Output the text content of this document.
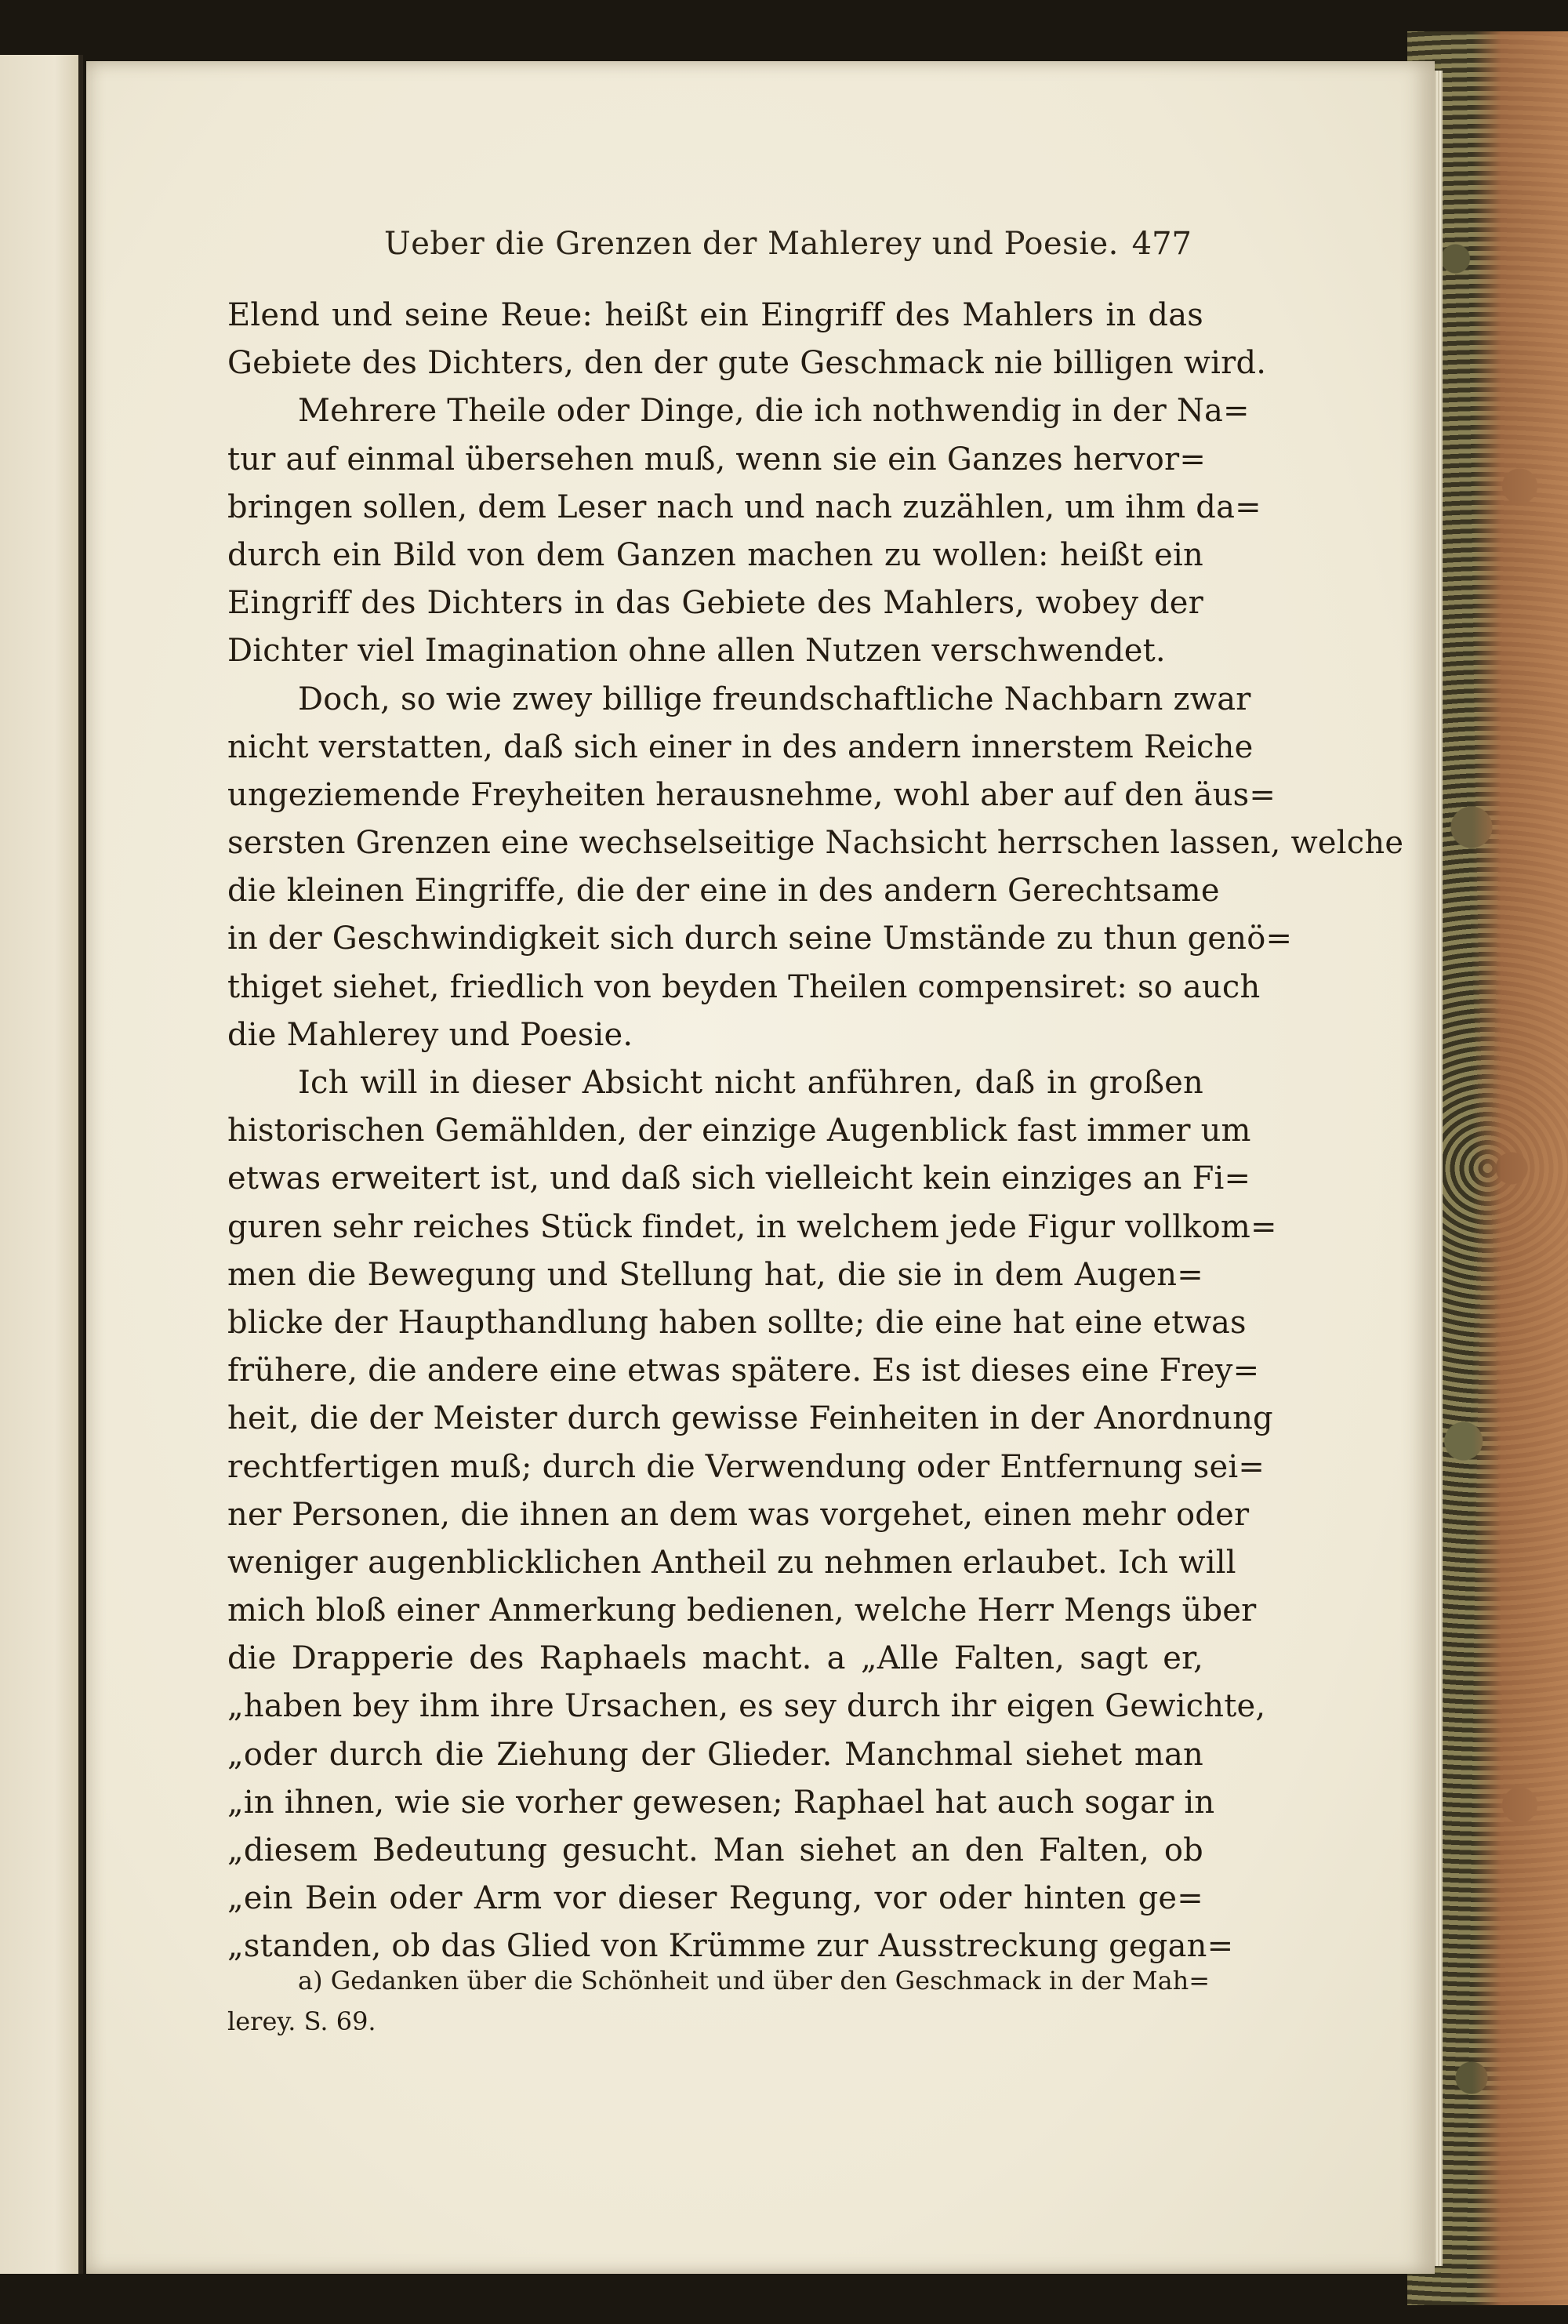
Ueber die Grenzen der Mahlerey und Poesie. 477
Elend und seine Reue: heißt ein Eingriff des Mahlers in das
Gebiete des Dichters, den der gute Geschmack nie billigen wird.
Mehrere Theile oder Dinge, die ich nothwendig in der Na=
tur auf einmal übersehen muß, wenn sie ein Ganzes hervor=
bringen sollen, dem Leser nach und nach zuzählen, um ihm da=
durch ein Bild von dem Ganzen machen zu wollen: heißt ein
Eingriff des Dichters in das Gebiete des Mahlers, wobey der
Dichter viel Imagination ohne allen Nutzen verschwendet.
Doch, so wie zwey billige freundschaftliche Nachbarn zwar
nicht verstatten, daß sich einer in des andern innerstem Reiche
ungeziemende Freyheiten herausnehme, wohl aber auf den äus=
sersten Grenzen eine wechselseitige Nachsicht herrschen lassen, welche
die kleinen Eingriffe, die der eine in des andern Gerechtsame
in der Geschwindigkeit sich durch seine Umstände zu thun genö=
thiget siehet, friedlich von beyden Theilen compensiret: so auch
die Mahlerey und Poesie.
Ich will in dieser Absicht nicht anführen, daß in großen
historischen Gemählden, der einzige Augenblick fast immer um
etwas erweitert ist, und daß sich vielleicht kein einziges an Fi=
guren sehr reiches Stück findet, in welchem jede Figur vollkom=
men die Bewegung und Stellung hat, die sie in dem Augen=
blicke der Haupthandlung haben sollte; die eine hat eine etwas
frühere, die andere eine etwas spätere. Es ist dieses eine Frey=
heit, die der Meister durch gewisse Feinheiten in der Anordnung
rechtfertigen muß; durch die Verwendung oder Entfernung sei=
ner Personen, die ihnen an dem was vorgehet, einen mehr oder
weniger augenblicklichen Antheil zu nehmen erlaubet. Ich will
mich bloß einer Anmerkung bedienen, welche Herr Mengs über
die Drapperie des Raphaels macht. a „Alle Falten, sagt er,
„haben bey ihm ihre Ursachen, es sey durch ihr eigen Gewichte,
„oder durch die Ziehung der Glieder. Manchmal siehet man
„in ihnen, wie sie vorher gewesen; Raphael hat auch sogar in
„diesem Bedeutung gesucht. Man siehet an den Falten, ob
„ein Bein oder Arm vor dieser Regung, vor oder hinten ge=
„standen, ob das Glied von Krümme zur Ausstreckung gegan=
a) Gedanken über die Schönheit und über den Geschmack in der Mah=
lerey. S. 69.
